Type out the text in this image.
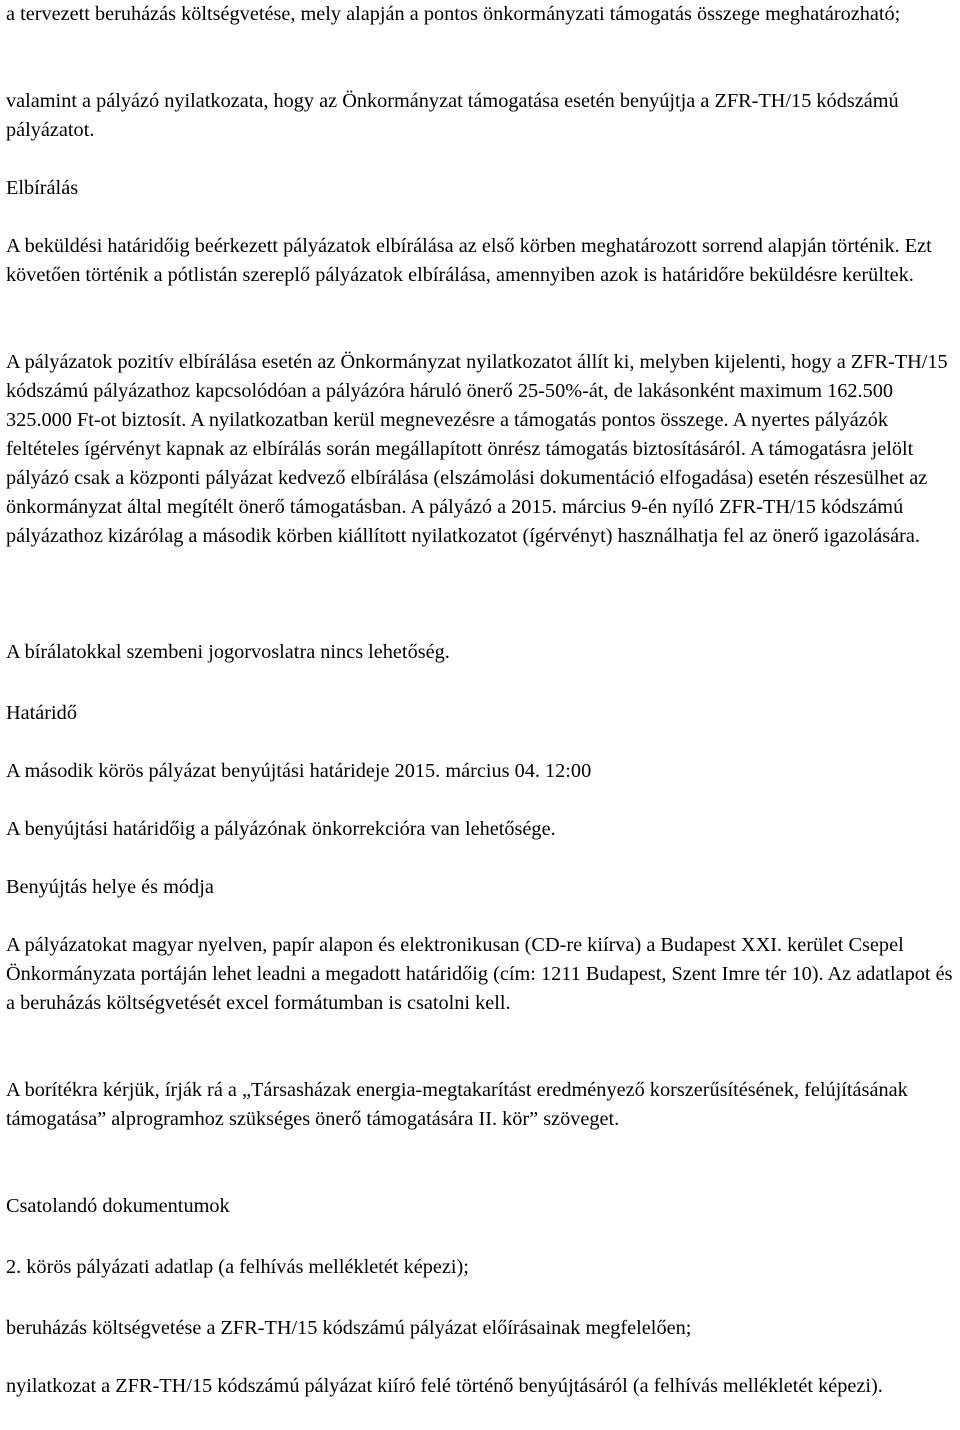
a tervezett beruházás költségvetése, mely alapján a pontos önkormányzati támogatás összege meghatározható;

valamint a pályázó nyilatkozata, hogy az Önkormányzat támogatása esetén benyújtja a ZFR-TH/15 kódszámú pályázatot.

Elbírálás

A beküldési határidőig beérkezett pályázatok elbírálása az első körben meghatározott sorrend alapján történik. Ezt követően történik a pótlistán szereplő pályázatok elbírálása, amennyiben azok is határidőre beküldésre kerültek.

A pályázatok pozitív elbírálása esetén az Önkormányzat nyilatkozatot állít ki, melyben kijelenti, hogy a ZFR-TH/15 kódszámú pályázathoz kapcsolódóan a pályázóra háruló önerő 25-50%-át, de lakásonként maximum 162.500 325.000 Ft-ot biztosít. A nyilatkozatban kerül megnevezésre a támogatás pontos összege. A nyertes pályázók feltételes ígérvényt kapnak az elbírálás során megállapított önrész támogatás biztosításáról. A támogatásra jelölt pályázó csak a központi pályázat kedvező elbírálása (elszámolási dokumentáció elfogadása) esetén részesülhet az önkormányzat által megítélt önerő támogatásban. A pályázó a 2015. március 9-én nyíló ZFR-TH/15 kódszámú pályázathoz kizárólag a második körben kiállított nyilatkozatot (ígérvényt) használhatja fel az önerő igazolására.

A bírálatokkal szembeni jogorvoslatra nincs lehetőség.

Határidő

A második körös pályázat benyújtási határideje 2015. március 04. 12:00

A benyújtási határidőig a pályázónak önkorrekcióra van lehetősége.

Benyújtás helye és módja

A pályázatokat magyar nyelven, papír alapon és elektronikusan (CD-re kiírva) a Budapest XXI. kerület Csepel Önkormányzata portáján lehet leadni a megadott határidőig (cím: 1211 Budapest, Szent Imre tér 10). Az adatlapot és a beruházás költségvetését excel formátumban is csatolni kell.

A borítékra kérjük, írják rá a „Társasházak energia-megtakarítást eredményező korszerűsítésének, felújításának támogatása” alprogramhoz szükséges önerő támogatására II. kör” szöveget.

Csatolandó dokumentumok

2. körös pályázati adatlap (a felhívás mellékletét képezi);

beruházás költségvetése a ZFR-TH/15 kódszámú pályázat előírásainak megfelelően;

nyilatkozat a ZFR-TH/15 kódszámú pályázat kiíró felé történő benyújtásáról (a felhívás mellékletét képezi).
